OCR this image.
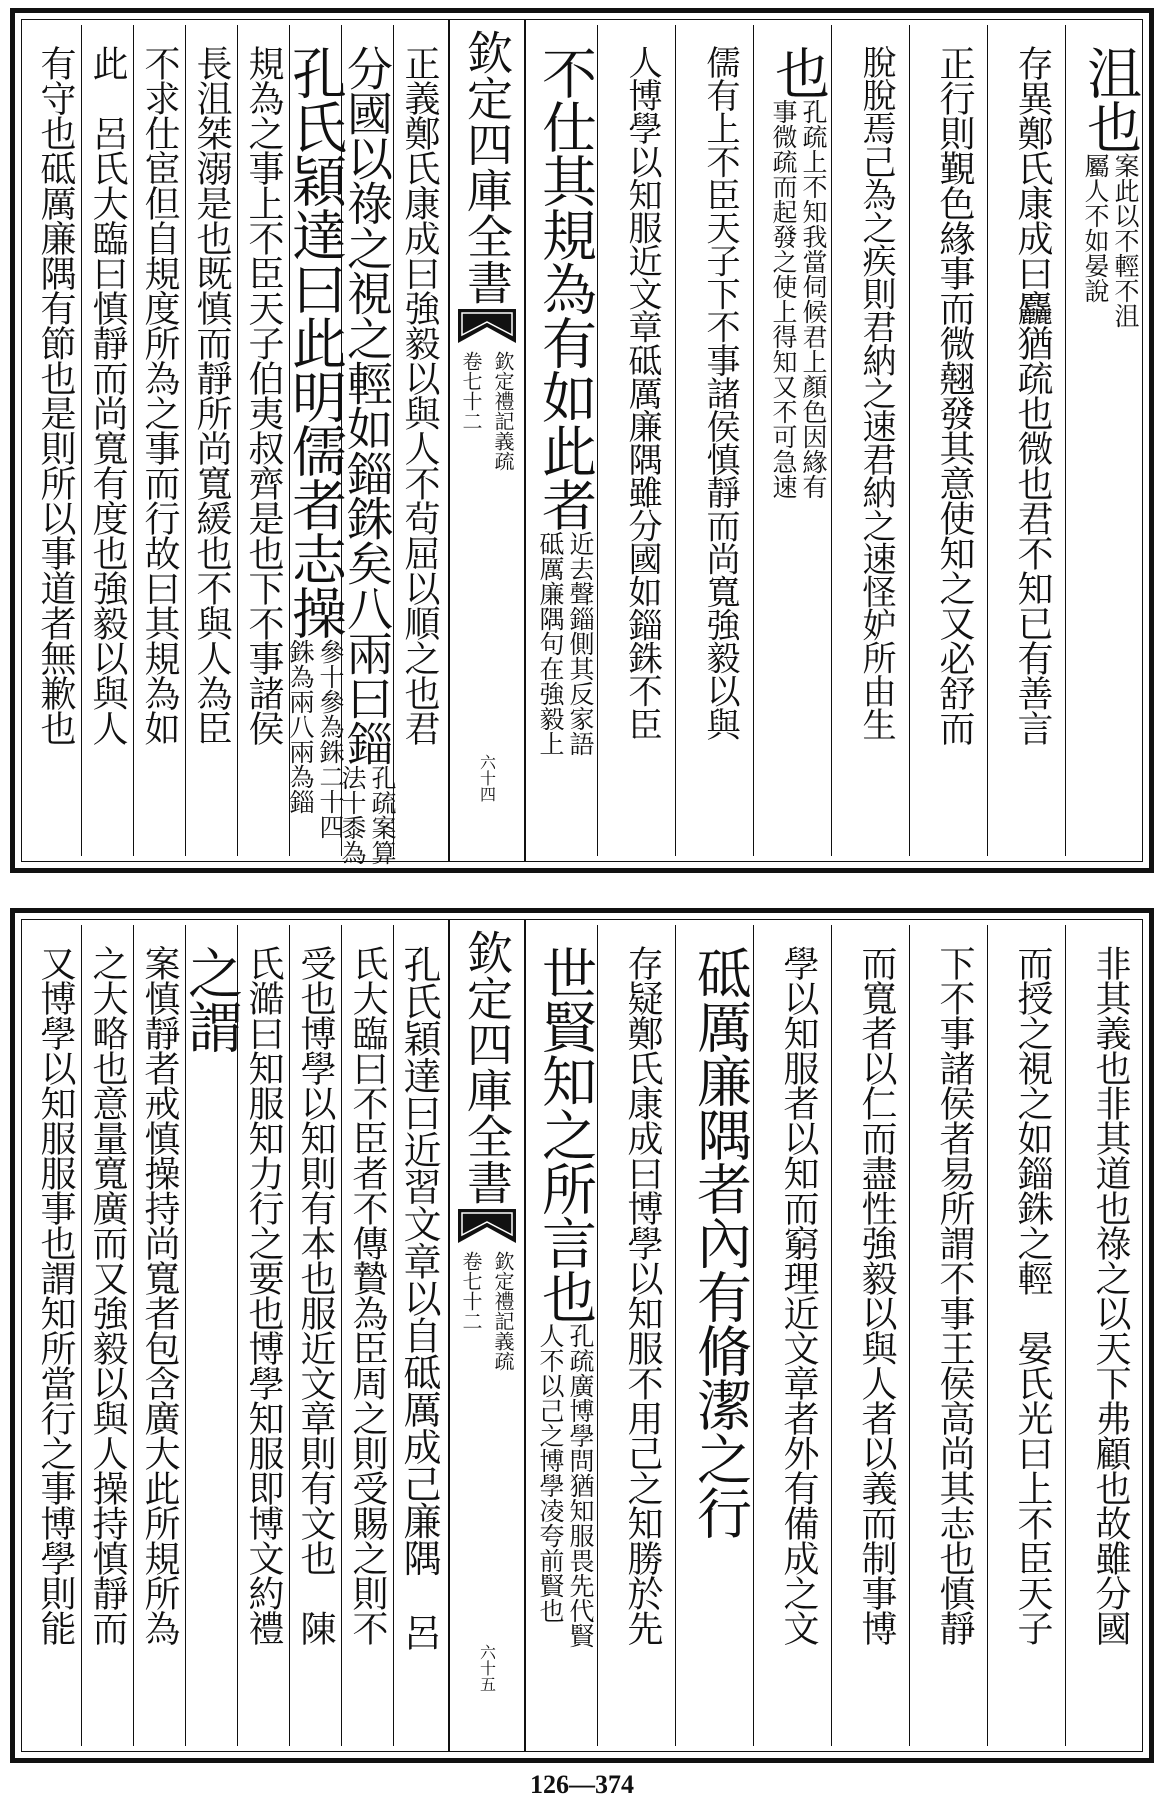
沮也
案此以不輕不沮
屬人不如晏說
存異鄭氏康成曰麤猶疏也微也君不知已有善言
正行則覲色緣事而微翹發其意使知之又必舒而
脫脫焉己為之疾則君納之速君納之速怪妒所由生
也
孔疏上不知我當伺候君上顏色因緣有
事微疏而起發之使上得知又不可急速
儒有上不臣天子下不事諸侯慎靜而尚寬強毅以與
人博學以知服近文章砥厲廉隅雖分國如錙銖不臣
不仕其規為有如此者
近去聲錙側其反家語
砥厲廉隅句在強毅上
欽定四庫全書
欽定禮記義疏
卷七十二
六十四
正義鄭氏康成曰強毅以與人不茍屈以順之也君
分國以祿之視之輕如錙銖矣八兩曰錙
孔疏案算
法十黍為
孔氏穎達曰此明儒者志操
參十參為銖二十四
銖為兩八兩為錙
規為之事上不臣天子伯夷叔齊是也下不事諸侯
長沮桀溺是也既慎而靜所尚寬緩也不與人為臣
不求仕宦但自規度所為之事而行故曰其規為如
此　呂氏大臨曰慎靜而尚寬有度也強毅以與人
有守也砥厲廉隅有節也是則所以事道者無歉也
非其義也非其道也祿之以天下弗顧也故雖分國
而授之視之如錙銖之輕　晏氏光曰上不臣天子
下不事諸侯者易所謂不事王侯高尚其志也慎靜
而寬者以仁而盡性強毅以與人者以義而制事博
學以知服者以知而窮理近文章者外有備成之文
砥厲廉隅者內有脩潔之行
存疑鄭氏康成曰博學以知服不用己之知勝於先
世賢知之所言也
孔疏廣博學問猶知服畏先代賢
人不以己之博學凌夸前賢也
欽定四庫全書
欽定禮記義疏
卷七十二
六十五
孔氏穎達曰近習文章以自砥厲成己廉隅　呂
氏大臨曰不臣者不傳贄為臣周之則受賜之則不
受也博學以知則有本也服近文章則有文也　陳
氏澔曰知服知力行之要也博學知服即博文約禮
之謂
案慎靜者戒慎操持尚寬者包含廣大此所規所為
之大略也意量寬廣而又強毅以與人操持慎靜而
又博學以知服服事也謂知所當行之事博學則能
126—374
